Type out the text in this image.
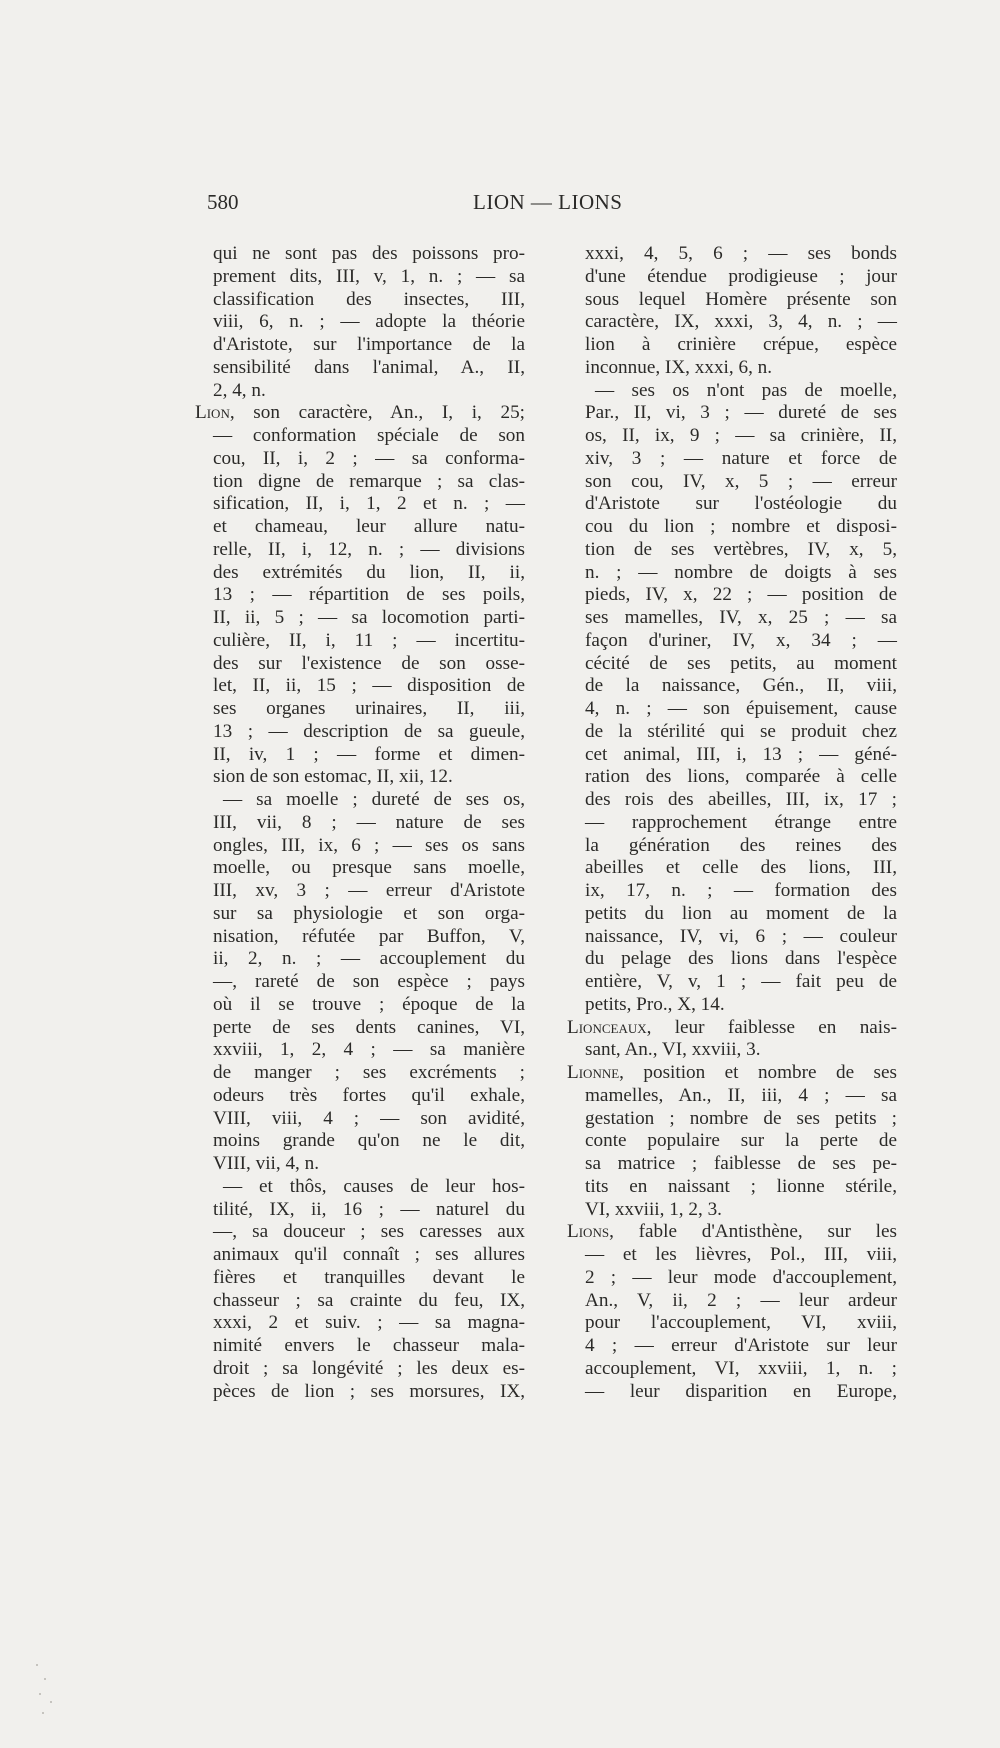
580	LION — LIONS
qui ne sont pas des poissons pro-
prement dits, III, v, 1, n. ; — sa
classification des insectes, III,
viii, 6, n. ; — adopte la théorie
d'Aristote, sur l'importance de la
sensibilité dans l'animal, A., II,
2, 4, n.
Lion, son caractère, An., I, i, 25;
— conformation spéciale de son
cou, II, i, 2 ; — sa conforma-
tion digne de remarque ; sa clas-
sification, II, i, 1, 2 et n. ; —
et chameau, leur allure natu-
relle, II, i, 12, n. ; — divisions
des extrémités du lion, II, ii,
13 ; — répartition de ses poils,
II, ii, 5 ; — sa locomotion parti-
culière, II, i, 11 ; — incertitu-
des sur l'existence de son osse-
let, II, ii, 15 ; — disposition de
ses organes urinaires, II, iii,
13 ; — description de sa gueule,
II, iv, 1 ; — forme et dimen-
sion de son estomac, II, xii, 12.
— sa moelle ; dureté de ses os,
III, vii, 8 ; — nature de ses
ongles, III, ix, 6 ; — ses os sans
moelle, ou presque sans moelle,
III, xv, 3 ; — erreur d'Aristote
sur sa physiologie et son orga-
nisation, réfutée par Buffon, V,
ii, 2, n. ; — accouplement du
—, rareté de son espèce ; pays
où il se trouve ; époque de la
perte de ses dents canines, VI,
xxviii, 1, 2, 4 ; — sa manière
de manger ; ses excréments ;
odeurs très fortes qu'il exhale,
VIII, viii, 4 ; — son avidité,
moins grande qu'on ne le dit,
VIII, vii, 4, n.
— et thôs, causes de leur hos-
tilité, IX, ii, 16 ; — naturel du
—, sa douceur ; ses caresses aux
animaux qu'il connaît ; ses allures
fières et tranquilles devant le
chasseur ; sa crainte du feu, IX,
xxxi, 2 et suiv. ; — sa magna-
nimité envers le chasseur mala-
droit ; sa longévité ; les deux es-
pèces de lion ; ses morsures, IX,
xxxi, 4, 5, 6 ; — ses bonds
d'une étendue prodigieuse ; jour
sous lequel Homère présente son
caractère, IX, xxxi, 3, 4, n. ; —
lion à crinière crépue, espèce
inconnue, IX, xxxi, 6, n.
— ses os n'ont pas de moelle,
Par., II, vi, 3 ; — dureté de ses
os, II, ix, 9 ; — sa crinière, II,
xiv, 3 ; — nature et force de
son cou, IV, x, 5 ; — erreur
d'Aristote sur l'ostéologie du
cou du lion ; nombre et disposi-
tion de ses vertèbres, IV, x, 5,
n. ; — nombre de doigts à ses
pieds, IV, x, 22 ; — position de
ses mamelles, IV, x, 25 ; — sa
façon d'uriner, IV, x, 34 ; —
cécité de ses petits, au moment
de la naissance, Gén., II, viii,
4, n. ; — son épuisement, cause
de la stérilité qui se produit chez
cet animal, III, i, 13 ; — géné-
ration des lions, comparée à celle
des rois des abeilles, III, ix, 17 ;
— rapprochement étrange entre
la génération des reines des
abeilles et celle des lions, III,
ix, 17, n. ; — formation des
petits du lion au moment de la
naissance, IV, vi, 6 ; — couleur
du pelage des lions dans l'espèce
entière, V, v, 1 ; — fait peu de
petits, Pro., X, 14.
Lionceaux, leur faiblesse en nais-
sant, An., VI, xxviii, 3.
Lionne, position et nombre de ses
mamelles, An., II, iii, 4 ; — sa
gestation ; nombre de ses petits ;
conte populaire sur la perte de
sa matrice ; faiblesse de ses pe-
tits en naissant ; lionne stérile,
VI, xxviii, 1, 2, 3.
Lions, fable d'Antisthène, sur les
— et les lièvres, Pol., III, viii,
2 ; — leur mode d'accouplement,
An., V, ii, 2 ; — leur ardeur
pour l'accouplement, VI, xviii,
4 ; — erreur d'Aristote sur leur
accouplement, VI, xxviii, 1, n. ;
— leur disparition en Europe,
